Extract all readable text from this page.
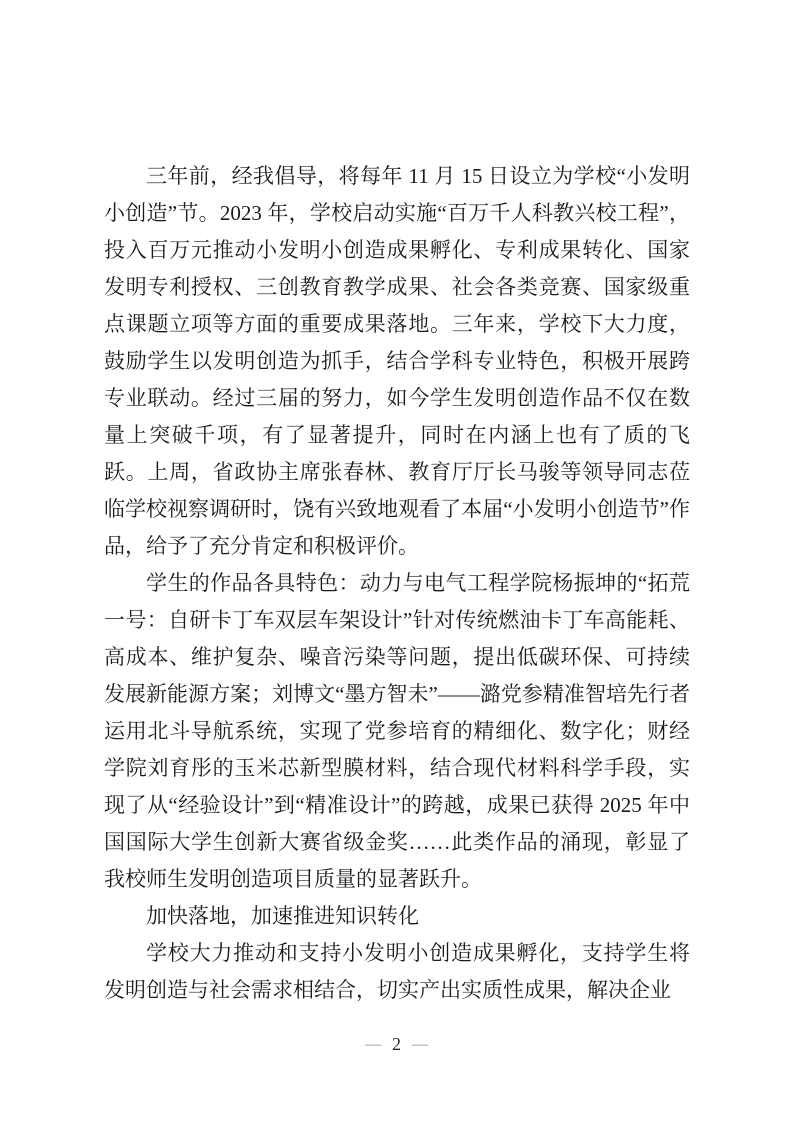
三年前，经我倡导，将每年 11 月 15 日设立为学校“小发明小创造”节。2023 年，学校启动实施“百万千人科教兴校工程”，投入百万元推动小发明小创造成果孵化、专利成果转化、国家发明专利授权、三创教育教学成果、社会各类竞赛、国家级重点课题立项等方面的重要成果落地。三年来，学校下大力度，鼓励学生以发明创造为抓手，结合学科专业特色，积极开展跨专业联动。经过三届的努力，如今学生发明创造作品不仅在数量上突破千项，有了显著提升，同时在内涵上也有了质的飞跃。上周，省政协主席张春林、教育厅厅长马骏等领导同志莅临学校视察调研时，饶有兴致地观看了本届“小发明小创造节”作品，给予了充分肯定和积极评价。

学生的作品各具特色：动力与电气工程学院杨振坤的“拓荒一号：自研卡丁车双层车架设计”针对传统燃油卡丁车高能耗、高成本、维护复杂、噪音污染等问题，提出低碳环保、可持续发展新能源方案；刘博文“墨方智未”——潞党参精准智培先行者运用北斗导航系统，实现了党参培育的精细化、数字化；财经学院刘育彤的玉米芯新型膜材料，结合现代材料科学手段，实现了从“经验设计”到“精准设计”的跨越，成果已获得 2025 年中国国际大学生创新大赛省级金奖……此类作品的涌现，彰显了我校师生发明创造项目质量的显著跃升。

加快落地，加速推进知识转化

学校大力推动和支持小发明小创造成果孵化，支持学生将发明创造与社会需求相结合，切实产出实质性成果，解决企业

— 2 —
